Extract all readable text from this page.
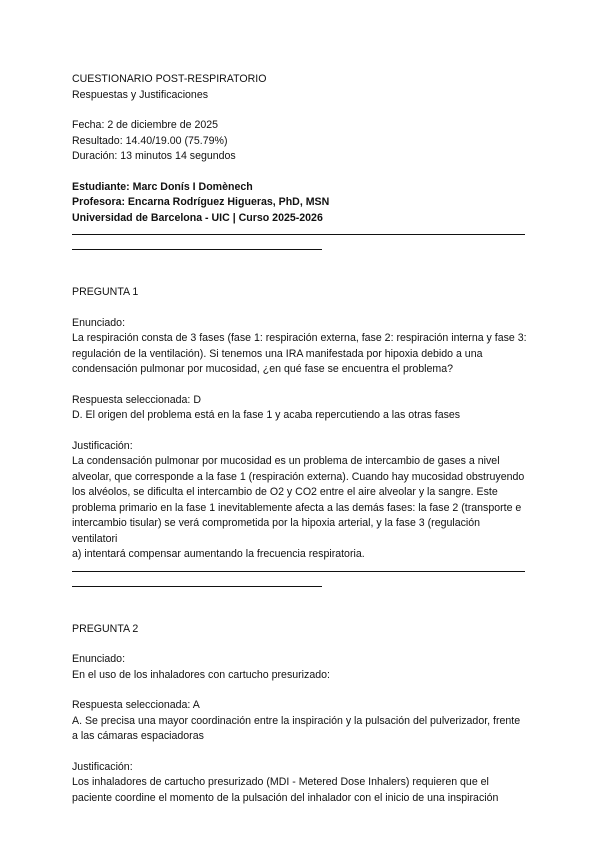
CUESTIONARIO POST-RESPIRATORIO
Respuestas y Justificaciones
Fecha: 2 de diciembre de 2025
Resultado: 14.40/19.00 (75.79%)
Duración: 13 minutos 14 segundos
Estudiante: Marc Donís I Domènech
Profesora: Encarna Rodríguez Higueras, PhD, MSN
Universidad de Barcelona - UIC | Curso 2025-2026
PREGUNTA 1
Enunciado:
La respiración consta de 3 fases (fase 1: respiración externa, fase 2: respiración interna y fase 3: regulación de la ventilación). Si tenemos una IRA manifestada por hipoxia debido a una condensación pulmonar por mucosidad, ¿en qué fase se encuentra el problema?
Respuesta seleccionada: D
D. El origen del problema está en la fase 1 y acaba repercutiendo a las otras fases
Justificación:
La condensación pulmonar por mucosidad es un problema de intercambio de gases a nivel alveolar, que corresponde a la fase 1 (respiración externa). Cuando hay mucosidad obstruyendo los alvéolos, se dificulta el intercambio de O2 y CO2 entre el aire alveolar y la sangre. Este problema primario en la fase 1 inevitablemente afecta a las demás fases: la fase 2 (transporte e intercambio tisular) se verá comprometida por la hipoxia arterial, y la fase 3 (regulación ventilatori
a) intentará compensar aumentando la frecuencia respiratoria.
PREGUNTA 2
Enunciado:
En el uso de los inhaladores con cartucho presurizado:
Respuesta seleccionada: A
A. Se precisa una mayor coordinación entre la inspiración y la pulsación del pulverizador, frente a las cámaras espaciadoras
Justificación:
Los inhaladores de cartucho presurizado (MDI - Metered Dose Inhalers) requieren que el paciente coordine el momento de la pulsación del inhalador con el inicio de una inspiración
